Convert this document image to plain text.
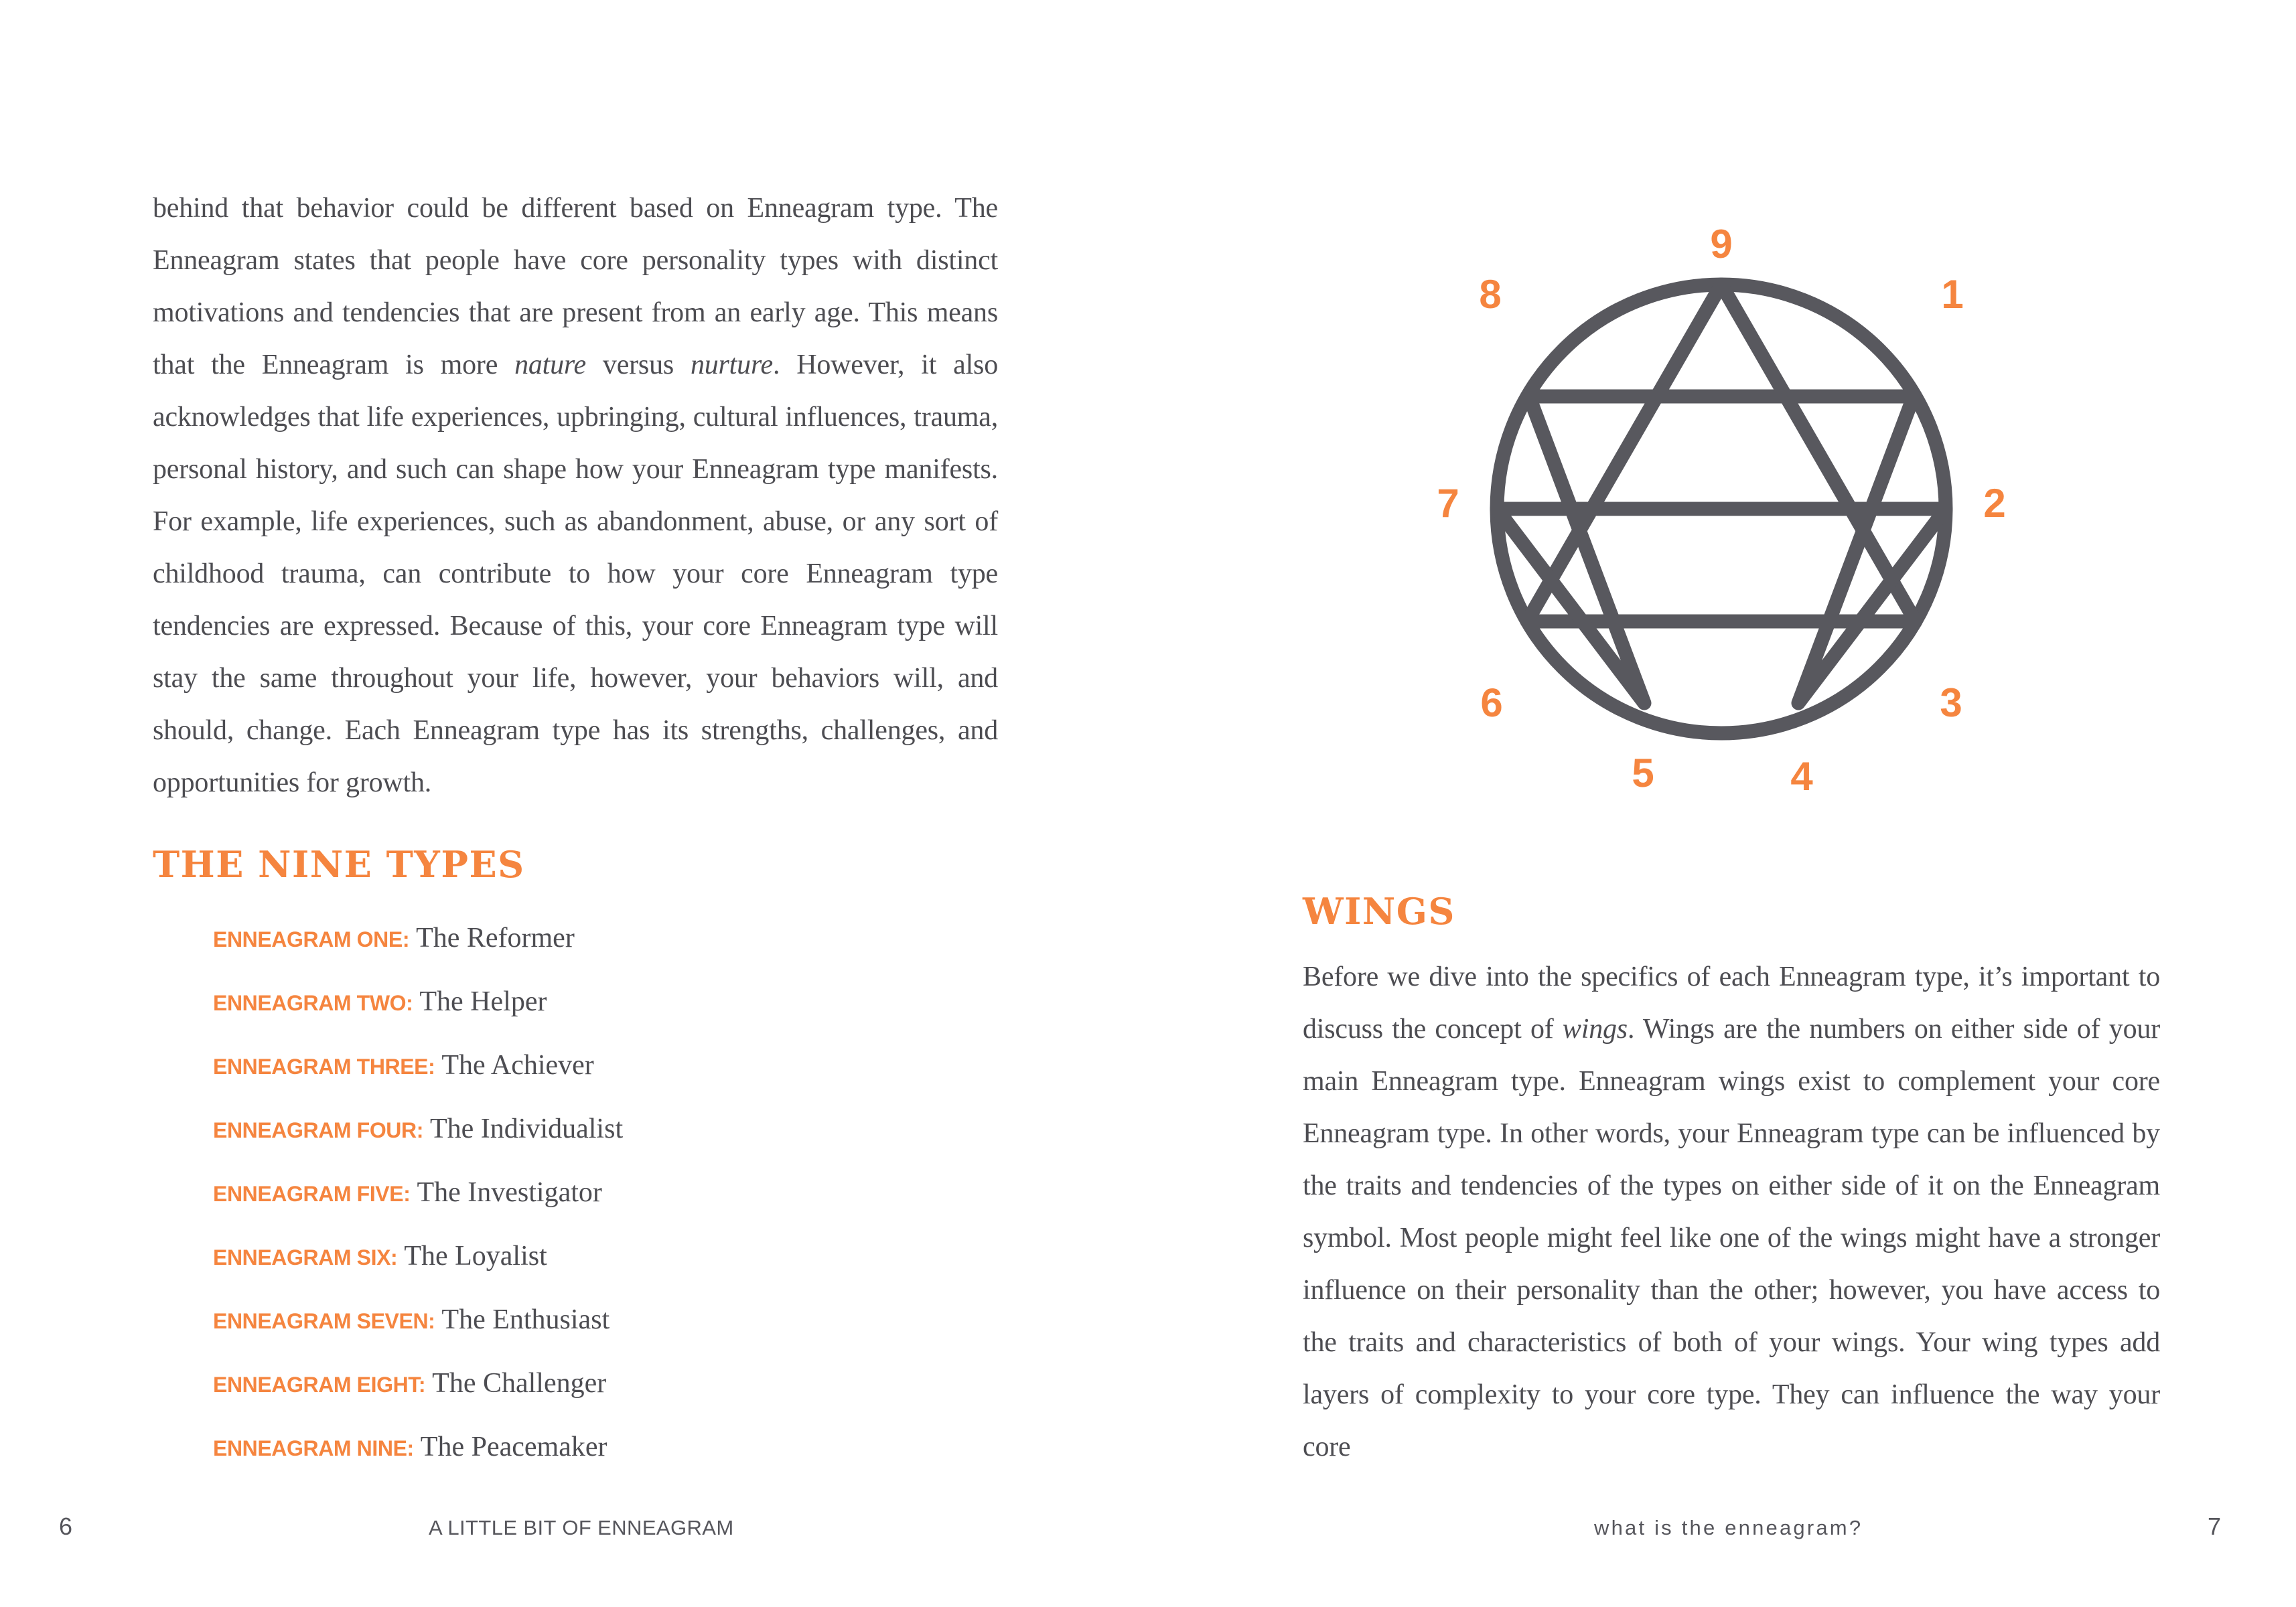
behind that behavior could be different based on Enneagram type. The Enneagram states that people have core personality types with distinct motivations and tendencies that are present from an early age. This means that the Enneagram is more nature versus nurture. However, it also acknowledges that life experiences, upbringing, cultural influences, trauma, personal history, and such can shape how your Enneagram type manifests. For example, life experiences, such as abandonment, abuse, or any sort of childhood trauma, can contribute to how your core Enneagram type tendencies are expressed. Because of this, your core Enneagram type will stay the same throughout your life, however, your behaviors will, and should, change. Each Enneagram type has its strengths, challenges, and opportunities for growth.

THE NINE TYPES
ENNEAGRAM ONE: The Reformer
ENNEAGRAM TWO: The Helper
ENNEAGRAM THREE: The Achiever
ENNEAGRAM FOUR: The Individualist
ENNEAGRAM FIVE: The Investigator
ENNEAGRAM SIX: The Loyalist
ENNEAGRAM SEVEN: The Enthusiast
ENNEAGRAM EIGHT: The Challenger
ENNEAGRAM NINE: The Peacemaker
9
1
2
3
4
5
6
7
8
WINGS

Before we dive into the specifics of each Enneagram type, it’s important to discuss the concept of wings. Wings are the numbers on either side of your main Enneagram type. Enneagram wings exist to complement your core Enneagram type. In other words, your Enneagram type can be influenced by the traits and tendencies of the types on either side of it on the Enneagram symbol. Most people might feel like one of the wings might have a stronger influence on their personality than the other; however, you have access to the traits and characteristics of both of your wings. Your wing types add layers of complexity to your core type. They can influence the way your core

6	A LITTLE BIT OF ENNEAGRAM	what is the enneagram?	7
